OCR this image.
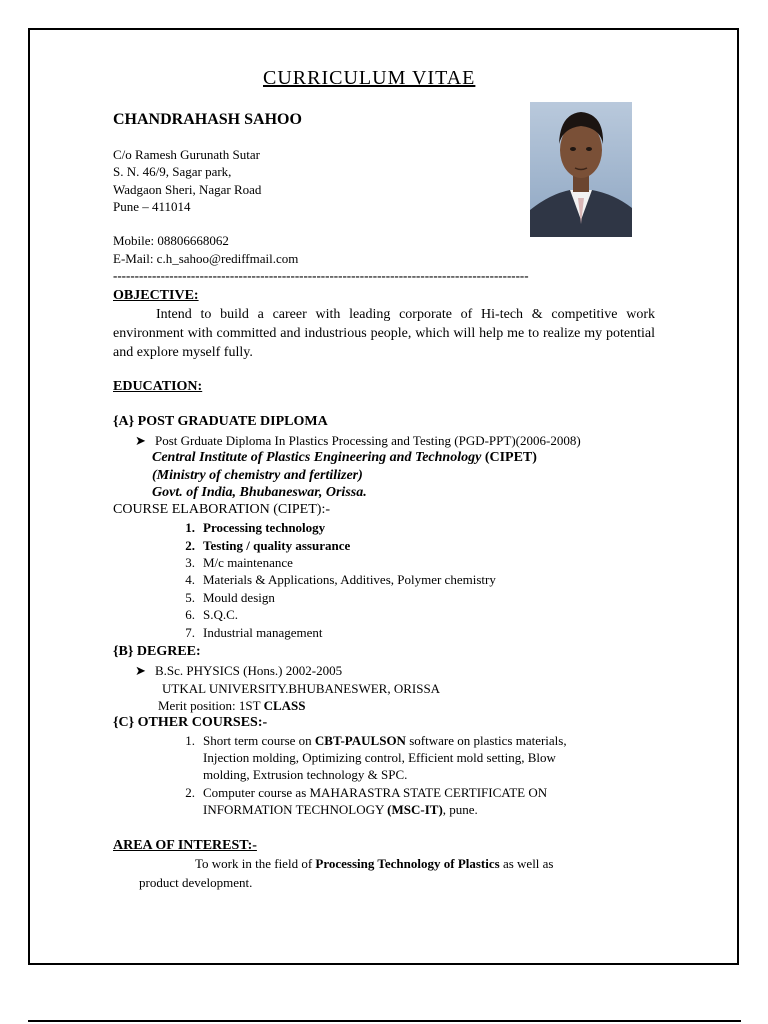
CURRICULUM VITAE
CHANDRAHASH SAHOO
C/o Ramesh Gurunath Sutar
S. N. 46/9, Sagar park,
Wadgaon Sheri, Nagar Road
Pune – 411014
Mobile: 08806668062
E-Mail: c.h_sahoo@rediffmail.com
------------------------------------------------------------------------------------------------
OBJECTIVE:
Intend to build a career with leading corporate of Hi-tech & competitive work environment with committed and industrious people, which will help me to realize my potential and explore myself fully.
EDUCATION:
{A} POST GRADUATE DIPLOMA
➤ Post Grduate Diploma In Plastics Processing and Testing (PGD-PPT)(2006-2008)
Central Institute of Plastics Engineering and Technology (CIPET)
(Ministry of chemistry and fertilizer)
Govt. of India, Bhubaneswar, Orissa.
COURSE ELABORATION (CIPET):-
1. Processing technology
2. Testing / quality assurance
3. M/c maintenance
4. Materials & Applications, Additives, Polymer chemistry
5. Mould design
6. S.Q.C.
7. Industrial management
{B} DEGREE:
➤ B.Sc. PHYSICS (Hons.) 2002-2005
UTKAL UNIVERSITY.BHUBANESWER, ORISSA
Merit position: 1ST CLASS
{C} OTHER COURSES:-
1. Short term course on CBT-PAULSON software on plastics materials,
Injection molding, Optimizing control, Efficient mold setting, Blow
molding, Extrusion technology & SPC.
2. Computer course as MAHARASTRA STATE CERTIFICATE ON
INFORMATION TECHNOLOGY (MSC-IT), pune.
AREA OF INTEREST:-
To work in the field of Processing Technology of Plastics as well as
product development.
